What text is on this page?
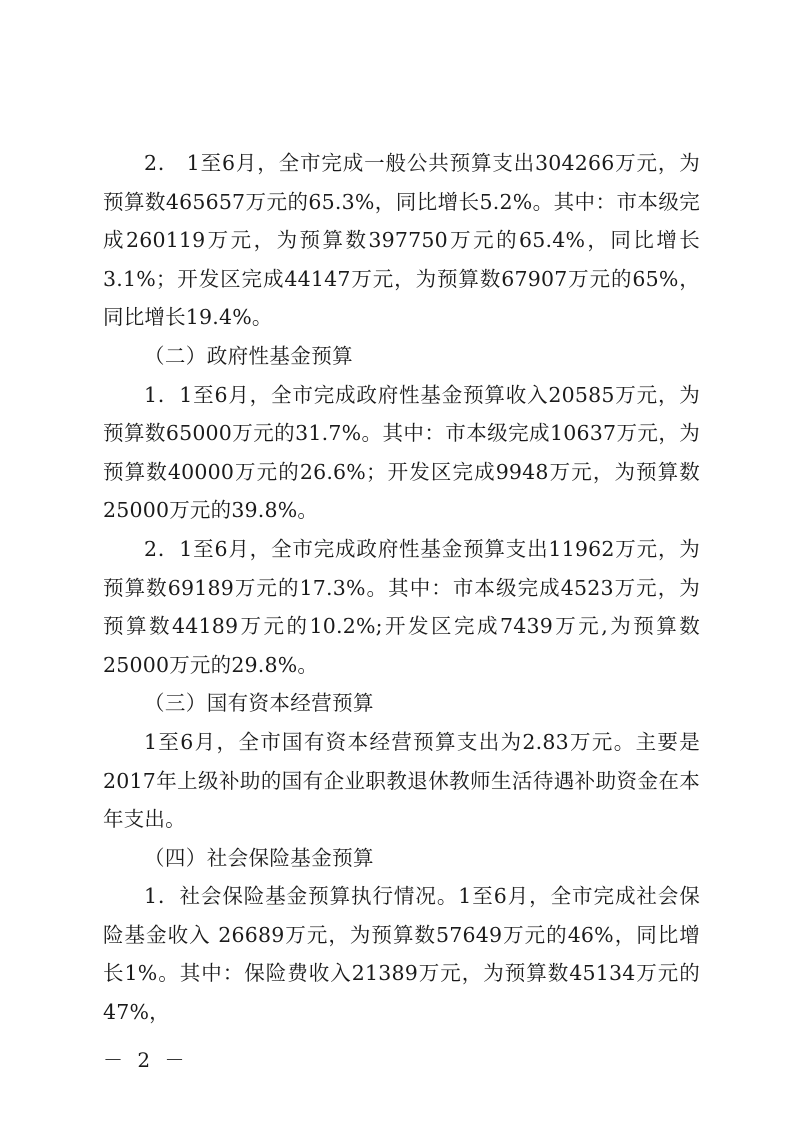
2． 1至6月，全市完成一般公共预算支出304266万元，为预算数465657万元的65.3%，同比增长5.2%。其中：市本级完成260119万元，为预算数397750万元的65.4%，同比增长3.1%；开发区完成44147万元，为预算数67907万元的65%，同比增长19.4%。

（二）政府性基金预算

1．1至6月，全市完成政府性基金预算收入20585万元，为预算数65000万元的31.7%。其中：市本级完成10637万元，为预算数40000万元的26.6%；开发区完成9948万元，为预算数25000万元的39.8%。

2．1至6月，全市完成政府性基金预算支出11962万元，为预算数69189万元的17.3%。其中：市本级完成4523万元，为预算数44189万元的10.2%;开发区完成7439万元,为预算数25000万元的29.8%。

（三）国有资本经营预算

1至6月，全市国有资本经营预算支出为2.83万元。主要是2017年上级补助的国有企业职教退休教师生活待遇补助资金在本年支出。

（四）社会保险基金预算

1．社会保险基金预算执行情况。1至6月，全市完成社会保险基金收入 26689万元，为预算数57649万元的46%，同比增长1%。其中：保险费收入21389万元，为预算数45134万元的47%，

－ 2 －
